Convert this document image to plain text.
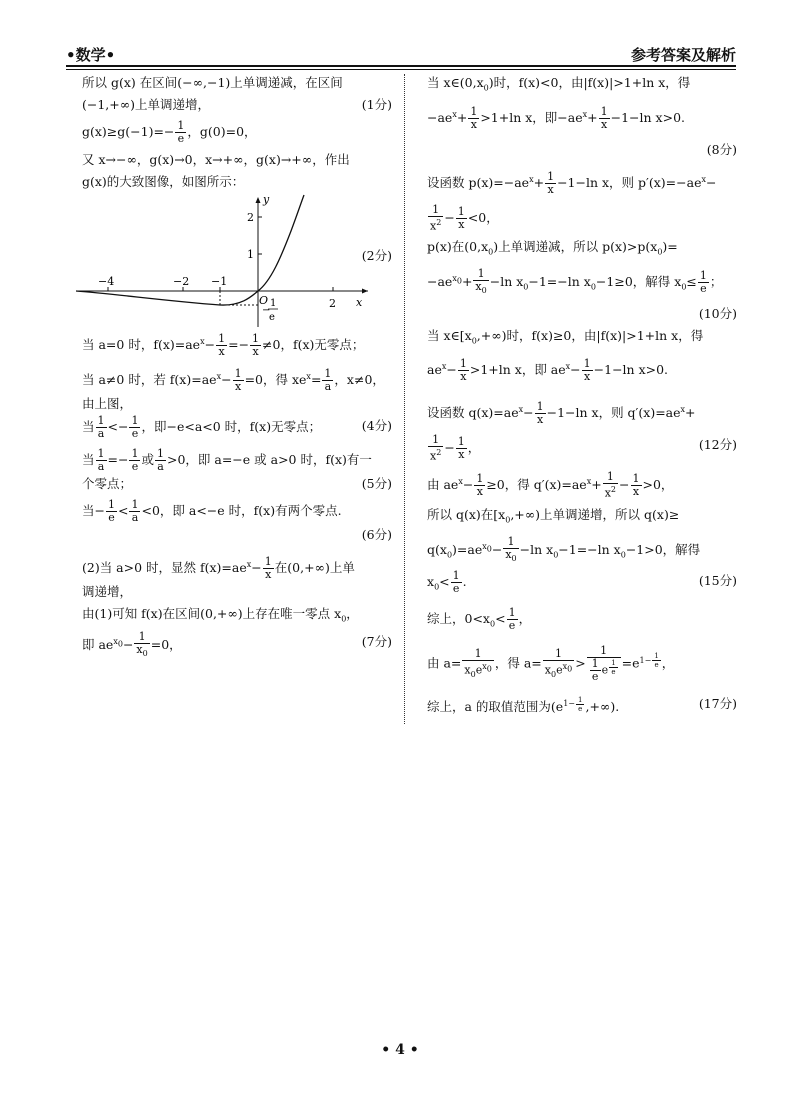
•数学•	参考答案及解析
所以 g(x) 在区间(−∞,−1)上单调递减，在区间
(−1,+∞)上单调递增，	(1分)
$g(x)\ge g(-1)=- \frac{1}{e}$ ，g(0)=0，
又 x→−∞，g(x)→0，x→+∞，g(x)→+∞，作出
g(x)的大致图像，如图所示：
y
x
−4	−2 −1
2
2
1
O
−
1
e
(2分)
当 a=0 时，$f(x)=ae^x- \frac{1}{x} =- \frac{1}{x} \ne 0$，f(x)无零点；
当 a≠0 时，若 $f(x)=ae^x- \frac{1}{x} =0$，得 $xe^x= \frac{1}{a}$ ，x≠0，
由上图，
当 $\frac{1}{a} <- \frac{1}{e}$ ，即−e<a<0 时，f(x)无零点；	(4分)
当 $\frac{1}{a} =- \frac{1}{e}$ 或 $\frac{1}{a} >0$，即 a=−e 或 a>0 时，f(x)有一
个零点；	(5分)
当− $\frac{1}{e} < \frac{1}{a} <0$，即 a<−e 时，f(x)有两个零点.
(6分)
(2)当 a>0 时，显然 $f(x)=ae^x- \frac{1}{x}$ 在(0,+∞)上单
调递增，
由(1)可知 f(x)在区间(0,+∞)上存在唯一零点 $x_0$，
即 $ae^{x_0}- \frac{1}{x_0} =0$，	(7分)
当 $x\in(0,x_0)$时，f(x)<0，由|f(x)|>1+ln x，得
$-ae^x+ \frac{1}{x} >1+\ln$ x，即$-ae^x+ \frac{1}{x} -1-\ln$ x>0.
(8分)
设函数 $p(x)=-ae^x+ \frac{1}{x} -1-\ln$ x，则 $p'(x)=-ae^x-$
$\frac{1}{x^2} - \frac{1}{x} <0$，
p(x)在$(0,x_0)$上单调递减，所以 $p(x)>p(x_0)=$
$-ae^{x_0}+ \frac{1}{x_0} -\ln$ $x_0-1=-\ln$ $x_0-1\ge 0$，解得 $x_0\le \frac{1}{e}$ ；
(10分)
当 $x\in[x_0,+\infty)$时，f(x)≥0，由|f(x)|>1+ln x，得
$ae^x- \frac{1}{x} >1+\ln$ x，即 $ae^x- \frac{1}{x} -1-\ln$ x>0.
设函数 $q(x)=ae^x- \frac{1}{x} -1-\ln$ x，则 $q'(x)=ae^x+$
$\frac{1}{x^2} - \frac{1}{x}$ ，	(12分)
由 $ae^x- \frac{1}{x} \ge 0$，得 $q'(x)=ae^x+ \frac{1}{x^2} - \frac{1}{x} >0$，
所以 q(x)在$[x_0,+\infty)$上单调递增，所以 q(x)≥
$q(x_0)=ae^{x_0}- \frac{1}{x_0} -\ln$ $x_0-1=-\ln$ $x_0-1>0$，解得
$x_0< \frac{1}{e}$ .	(15分)
综上，$0<x_0< \frac{1}{e}$ ，
由 $a= \frac{1}{x_0e^{x_0}}$ ，得 $a= \frac{1}{x_0e^{x_0}} > 1$
$\frac{1}{e}$ e $^{\frac{1}{e}} =e^{1- \frac{1}{e}}$ ，
综上，a 的取值范围为($e^{1- \frac{1}{e}}$ ,+∞).	(17分)
• 4 •
